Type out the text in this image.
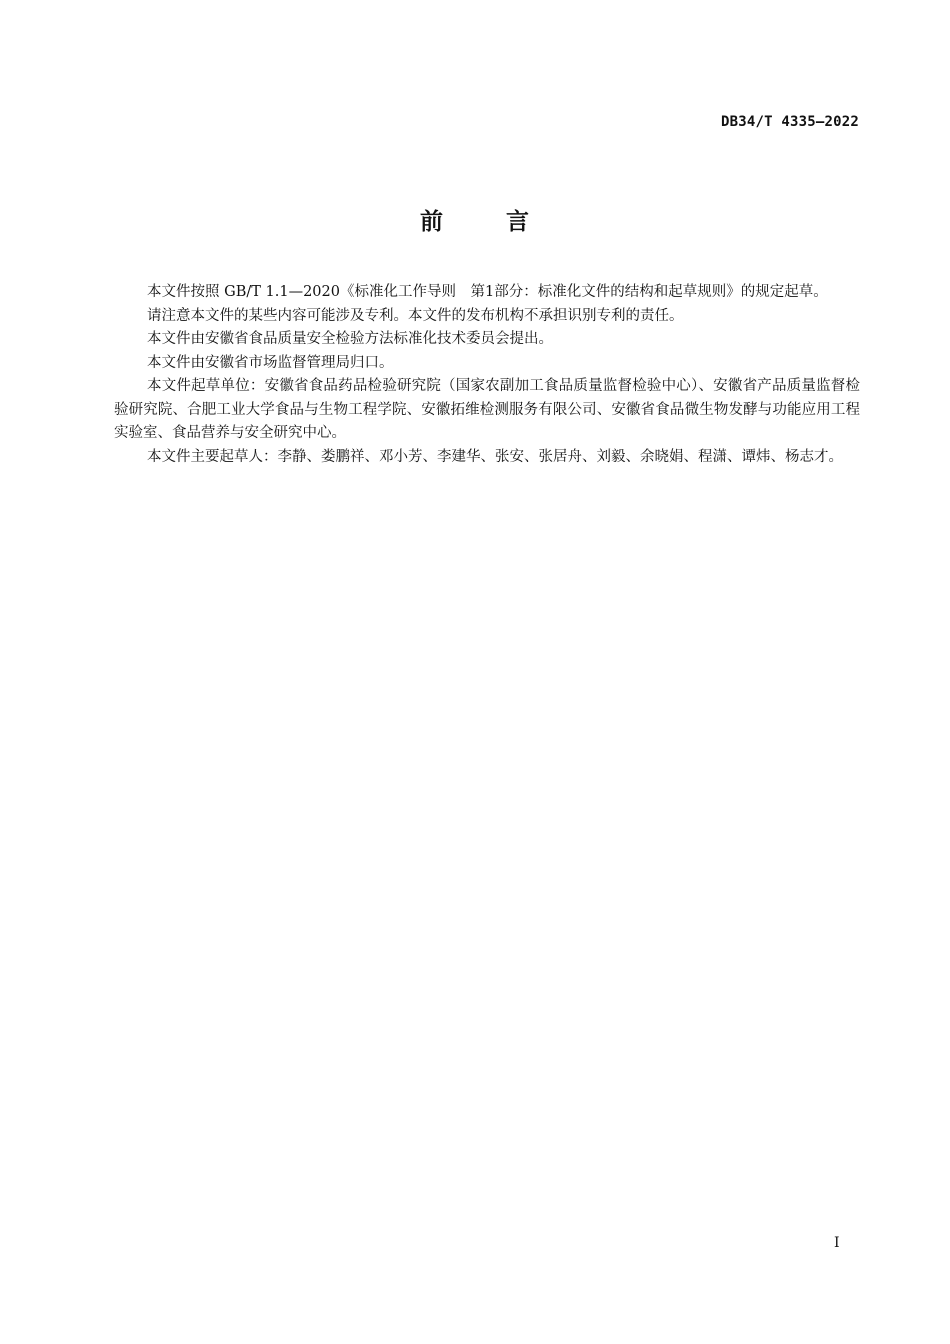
DB34/T 4335—2022
前	言

本文件按照 GB/T 1.1—2020《标准化工作导则　第1部分：标准化文件的结构和起草规则》的规定起草。

请注意本文件的某些内容可能涉及专利。本文件的发布机构不承担识别专利的责任。

本文件由安徽省食品质量安全检验方法标准化技术委员会提出。

本文件由安徽省市场监督管理局归口。

本文件起草单位：安徽省食品药品检验研究院（国家农副加工食品质量监督检验中心）、安徽省产品质量监督检验研究院、合肥工业大学食品与生物工程学院、安徽拓维检测服务有限公司、安徽省食品微生物发酵与功能应用工程实验室、食品营养与安全研究中心。

本文件主要起草人：李静、娄鹏祥、邓小芳、李建华、张安、张居舟、刘毅、余晓娟、程潇、谭炜、杨志才。

I
